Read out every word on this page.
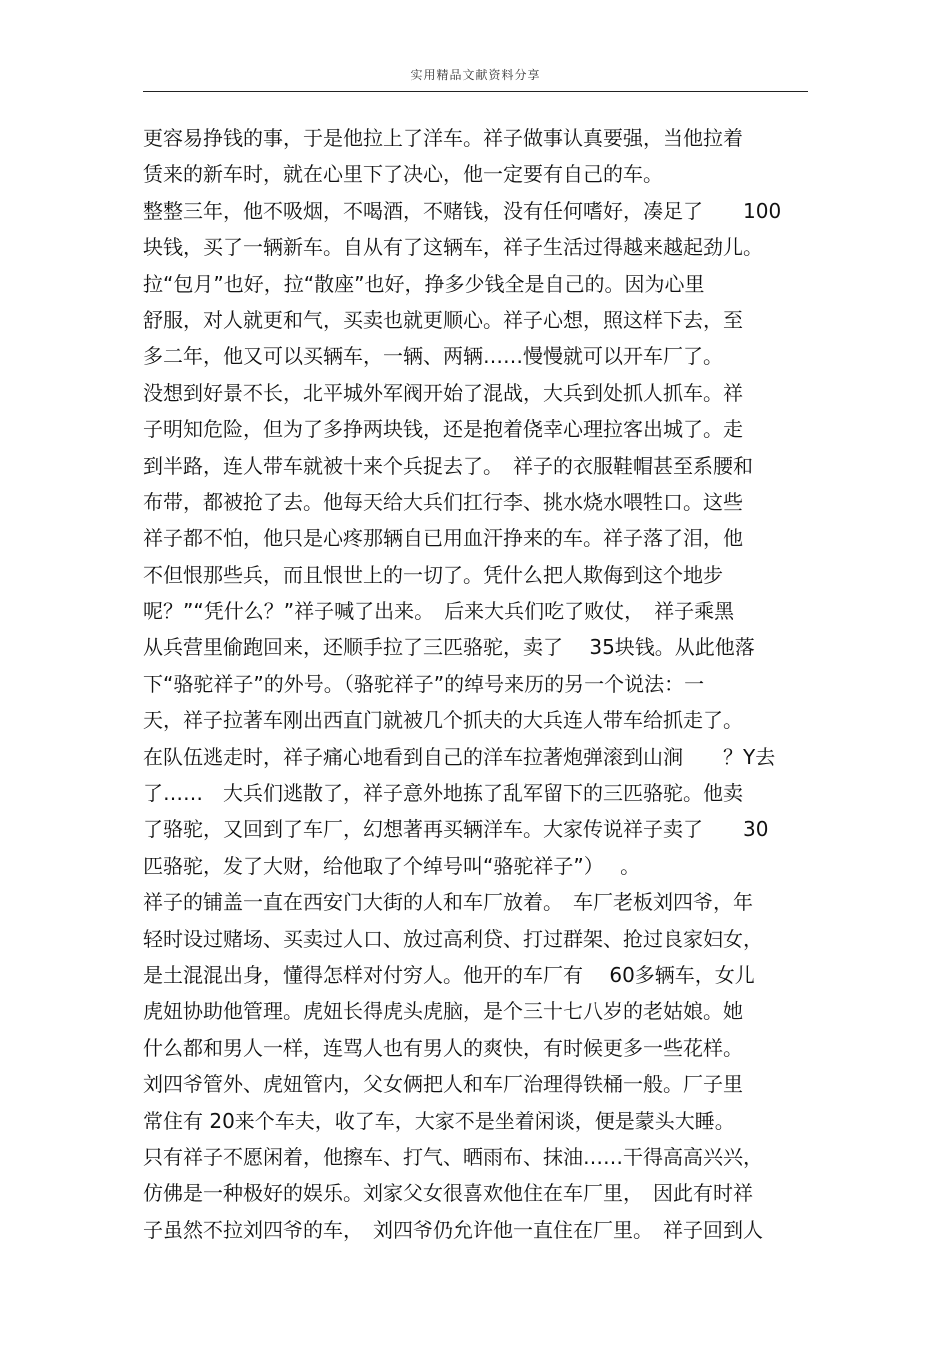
实用精品文献资料分享
更容易挣钱的事，于是他拉上了洋车。祥子做事认真要强，当他拉着
赁来的新车时，就在心里下了决心，他一定要有自己的车。
整整三年，他不吸烟，不喝酒，不赌钱，没有任何嗜好，凑足了　　100
块钱，买了一辆新车。自从有了这辆车，祥子生活过得越来越起劲儿。
拉“包月”也好，拉“散座”也好，挣多少钱全是自己的。因为心里
舒服，对人就更和气，买卖也就更顺心。祥子心想，照这样下去，至
多二年，他又可以买辆车，一辆、两辆……慢慢就可以开车厂了。
没想到好景不长，北平城外军阀开始了混战，大兵到处抓人抓车。祥
子明知危险，但为了多挣两块钱，还是抱着侥幸心理拉客出城了。走
到半路，连人带车就被十来个兵捉去了。　祥子的衣服鞋帽甚至系腰和
布带，都被抢了去。他每天给大兵们扛行李、挑水烧水喂牲口。这些
祥子都不怕，他只是心疼那辆自已用血汗挣来的车。祥子落了泪，他
不但恨那些兵，而且恨世上的一切了。凭什么把人欺侮到这个地步
呢？”“凭什么？”祥子喊了出来。　后来大兵们吃了败仗，　祥子乘黑
从兵营里偷跑回来，还顺手拉了三匹骆驼，卖了　 35块钱。从此他落
下“骆驼祥子”的外号。（骆驼祥子”的绰号来历的另一个说法：一
天，祥子拉著车刚出西直门就被几个抓夫的大兵连人带车给抓走了。
在队伍逃走时，祥子痛心地看到自己的洋车拉著炮弹滚到山涧　　？Y去
了……　大兵们逃散了，祥子意外地拣了乱军留下的三匹骆驼。他卖
了骆驼，又回到了车厂，幻想著再买辆洋车。大家传说祥子卖了　　30
匹骆驼，发了大财，给他取了个绰号叫“骆驼祥子”）　 。
祥子的铺盖一直在西安门大街的人和车厂放着。　车厂老板刘四爷，年
轻时设过赌场、买卖过人口、放过高利贷、打过群架、抢过良家妇女，
是土混混出身，懂得怎样对付穷人。他开的车厂有　 60多辆车，女儿
虎妞协助他管理。虎妞长得虎头虎脑，是个三十七八岁的老姑娘。她
什么都和男人一样，连骂人也有男人的爽快，有时候更多一些花样。
刘四爷管外、虎妞管内，父女俩把人和车厂治理得铁桶一般。厂子里
常住有 20来个车夫，收了车，大家不是坐着闲谈，便是蒙头大睡。
只有祥子不愿闲着，他擦车、打气、晒雨布、抹油……干得高高兴兴，
仿佛是一种极好的娱乐。刘家父女很喜欢他住在车厂里，　因此有时祥
子虽然不拉刘四爷的车，　刘四爷仍允许他一直住在厂里。　祥子回到人
